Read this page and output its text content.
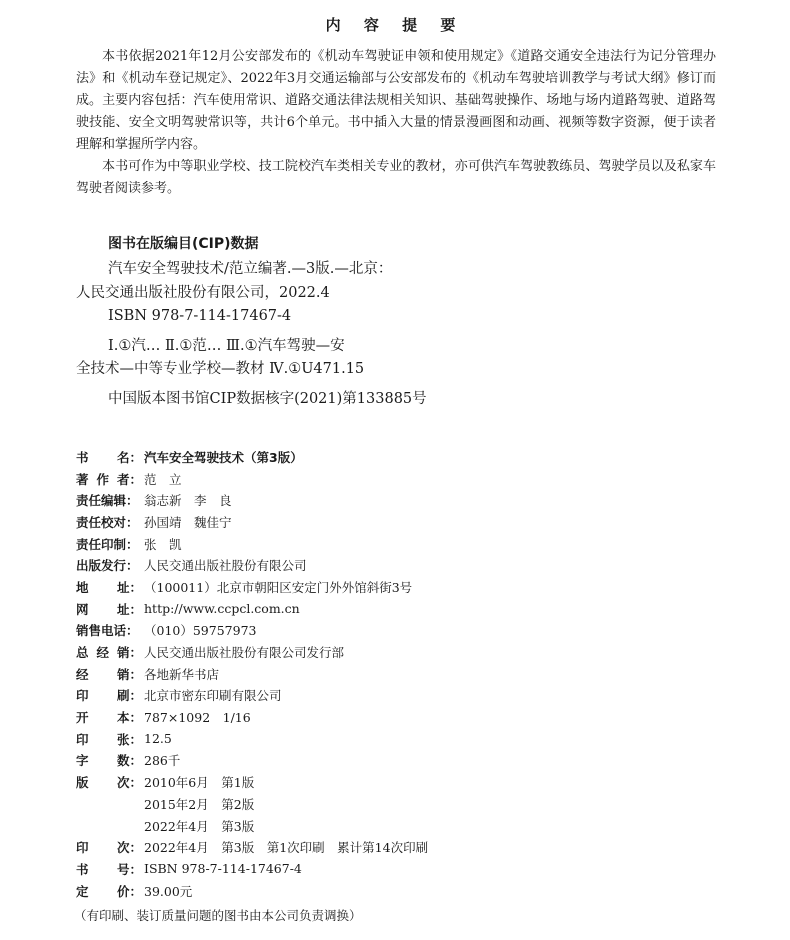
内 容 提 要

本书依据2021年12月公安部发布的《机动车驾驶证申领和使用规定》《道路交通安全违法行为记分管理办法》和《机动车登记规定》、2022年3月交通运输部与公安部发布的《机动车驾驶培训教学与考试大纲》修订而成。主要内容包括：汽车使用常识、道路交通法律法规相关知识、基础驾驶操作、场地与场内道路驾驶、道路驾驶技能、安全文明驾驶常识等，共计6个单元。书中插入大量的情景漫画图和动画、视频等数字资源，便于读者理解和掌握所学内容。

本书可作为中等职业学校、技工院校汽车类相关专业的教材，亦可供汽车驾驶教练员、驾驶学员以及私家车驾驶者阅读参考。

图书在版编目(CIP)数据

汽车安全驾驶技术/范立编著.—3版.—北京：

人民交通出版社股份有限公司，2022.4

ISBN 978-7-114-17467-4

Ⅰ.①汽… Ⅱ.①范… Ⅲ.①汽车驾驶—安

全技术—中等专业学校—教材 Ⅳ.①U471.15

中国版本图书馆CIP数据核字(2021)第133885号

书 名： 汽车安全驾驶技术（第3版）
著 作 者： 范　立
责任编辑： 翁志新　李　良
责任校对： 孙国靖　魏佳宁
责任印制： 张　凯
出版发行： 人民交通出版社股份有限公司
地 址： （100011）北京市朝阳区安定门外外馆斜街3号
网 址： http://www.ccpcl.com.cn
销售电话： （010）59757973
总 经 销： 人民交通出版社股份有限公司发行部
经 销： 各地新华书店
印 刷： 北京市密东印刷有限公司
开 本： 787×1092　1/16
印 张： 12.5
字 数： 286千
版 次： 2010年6月　第1版
2015年2月　第2版
2022年4月　第3版
印 次： 2022年4月　第3版　第1次印刷　累计第14次印刷
书 号： ISBN 978-7-114-17467-4
定 价： 39.00元
（有印刷、装订质量问题的图书由本公司负责调换）
